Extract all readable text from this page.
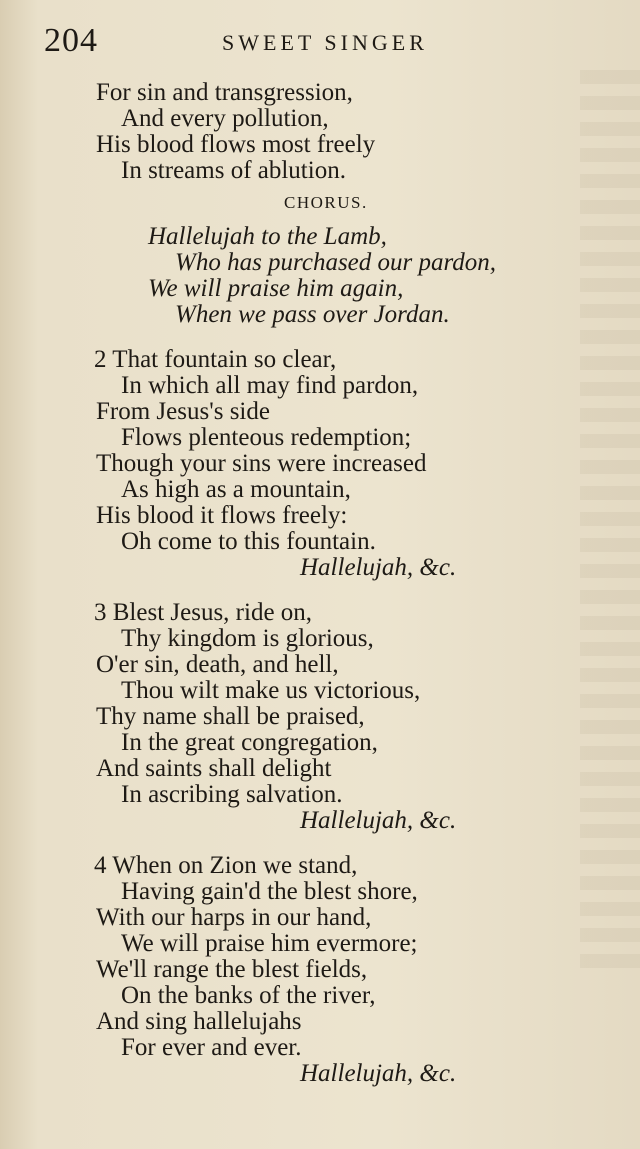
204	SWEET SINGER
For sin and transgression,
And every pollution,
His blood flows most freely
In streams of ablution.
CHORUS.
Hallelujah to the Lamb,
Who has purchased our pardon,
We will praise him again,
When we pass over Jordan.
2 That fountain so clear,
In which all may find pardon,
From Jesus's side
Flows plenteous redemption;
Though your sins were increased
As high as a mountain,
His blood it flows freely:
Oh come to this fountain.
Hallelujah, &c.
3 Blest Jesus, ride on,
Thy kingdom is glorious,
O'er sin, death, and hell,
Thou wilt make us victorious,
Thy name shall be praised,
In the great congregation,
And saints shall delight
In ascribing salvation.
Hallelujah, &c.
4 When on Zion we stand,
Having gain'd the blest shore,
With our harps in our hand,
We will praise him evermore;
We'll range the blest fields,
On the banks of the river,
And sing hallelujahs
For ever and ever.
Hallelujah, &c.
